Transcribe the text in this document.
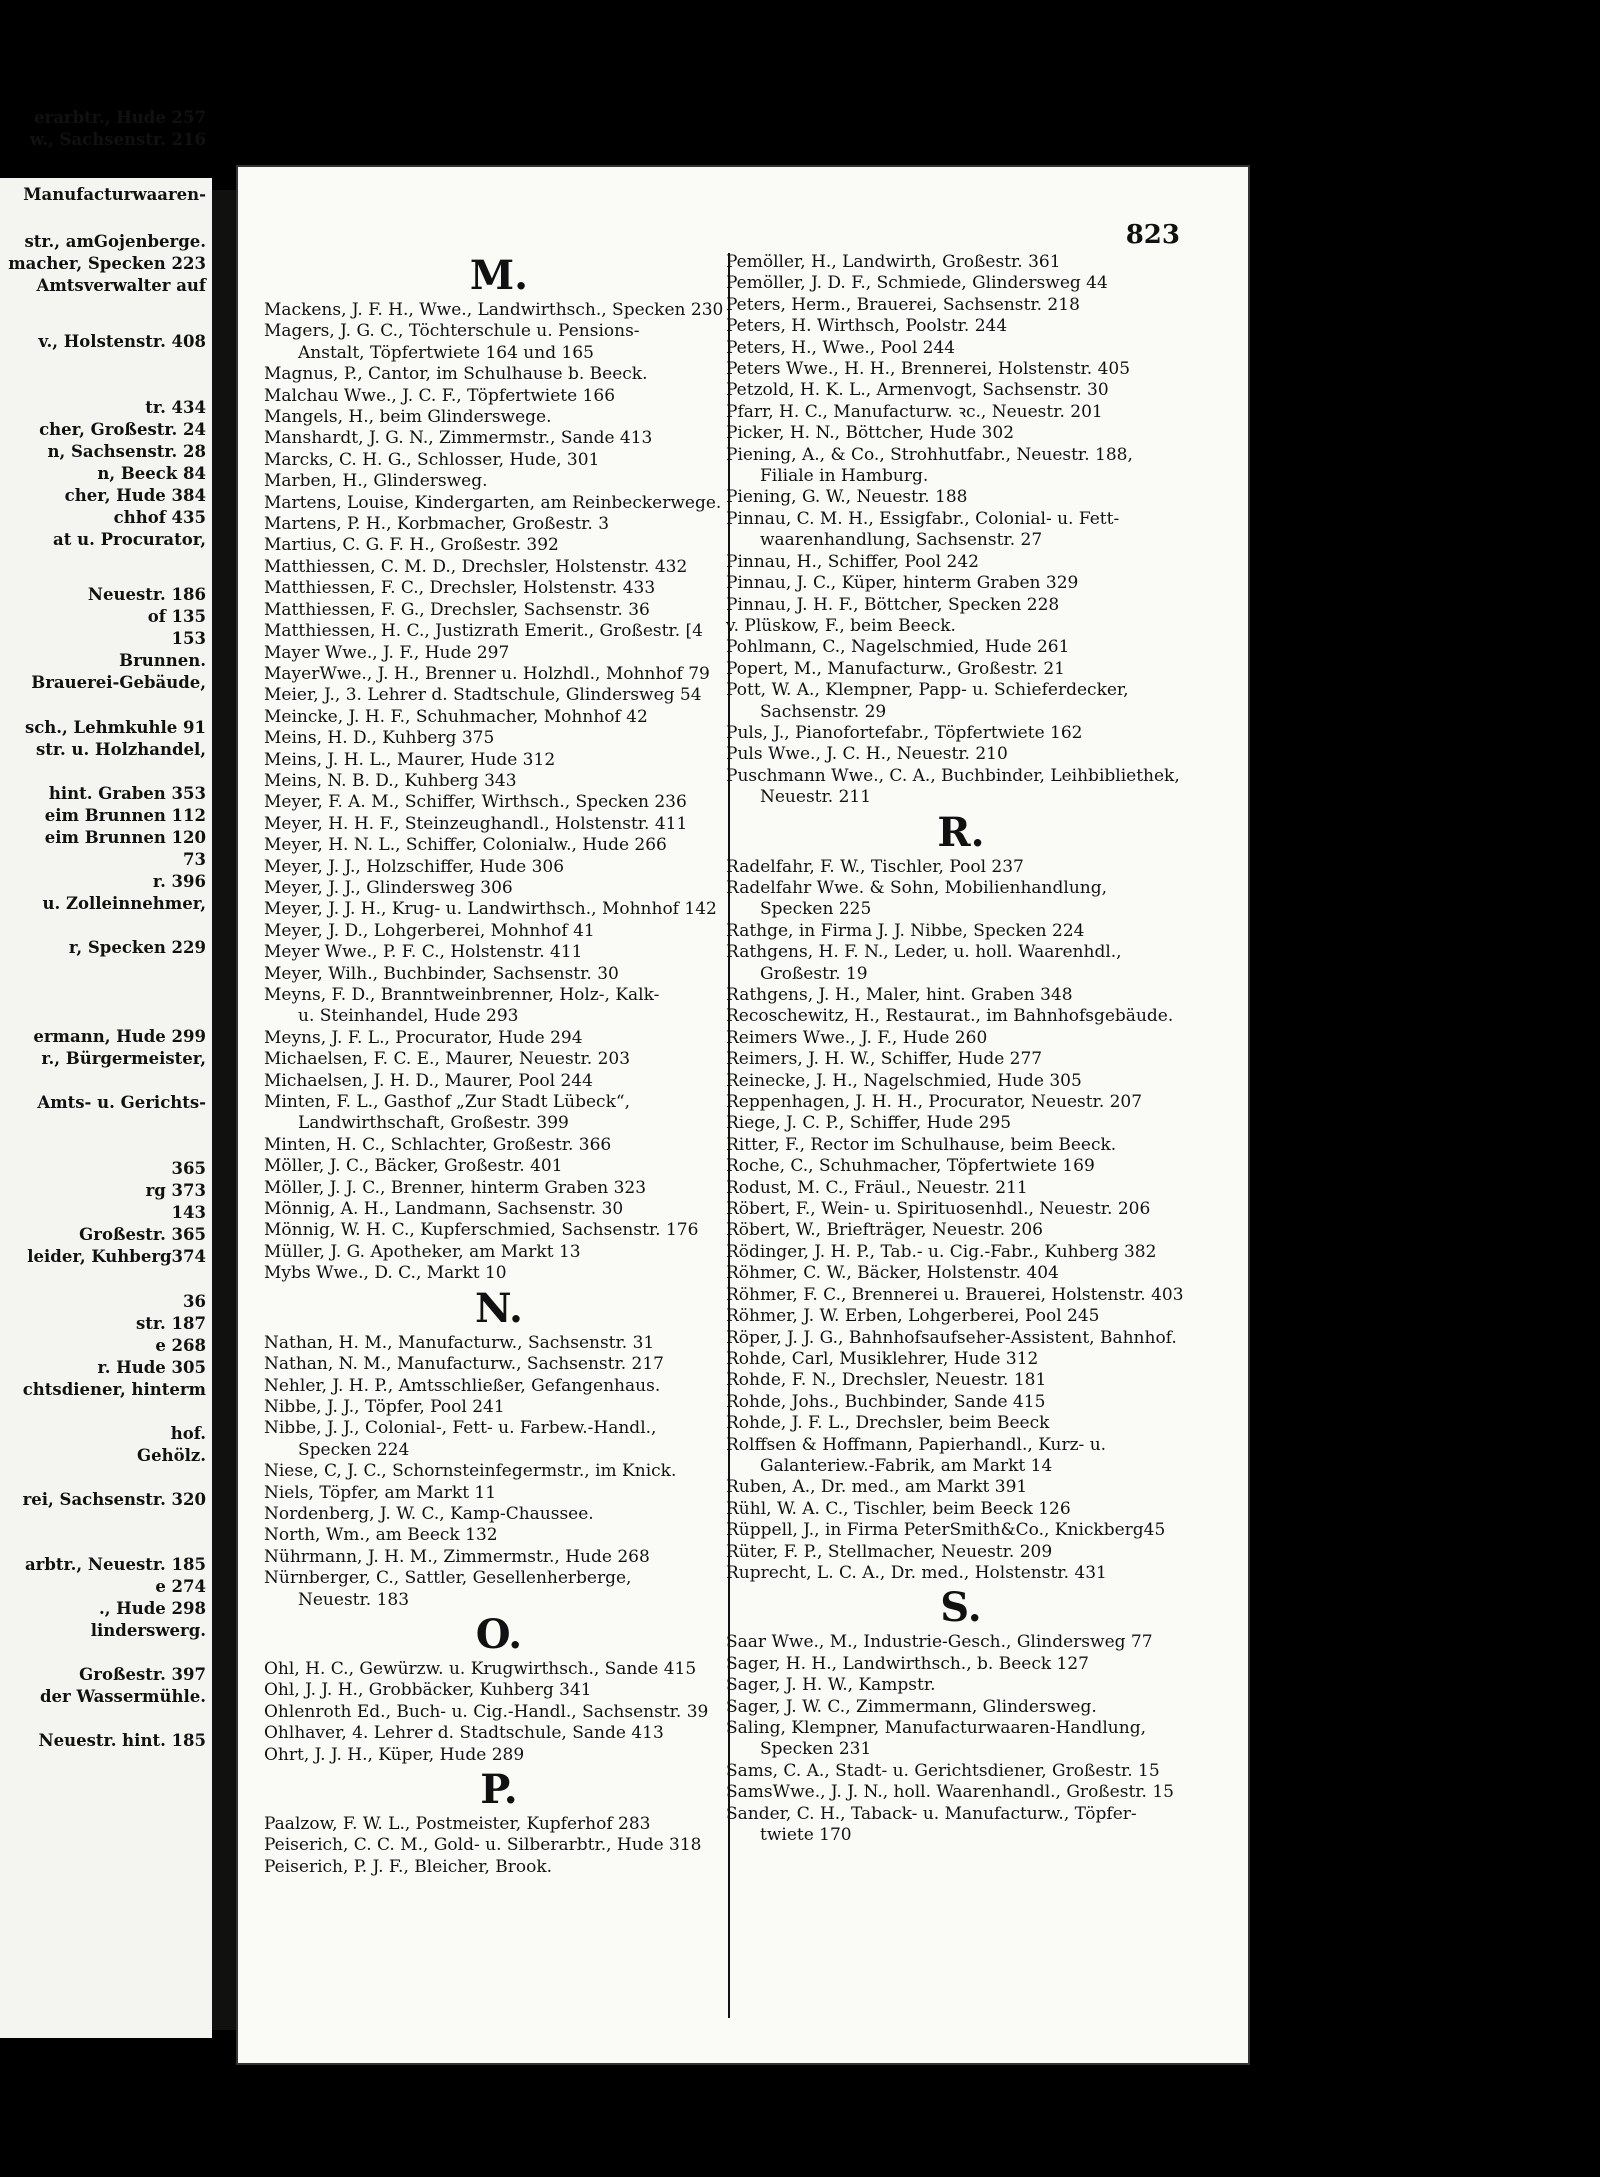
erarbtr., Hude 257
w., Sachsenstr. 216
Manufacturwaaren-
str., amGojenberge.
macher, Specken 223
Amtsverwalter auf
v., Holstenstr. 408
tr. 434
cher, Großestr. 24
n, Sachsenstr. 28
n, Beeck 84
cher, Hude 384
chhof 435
at u. Procurator,
Neuestr. 186
of 135
153
Brunnen.
Brauerei-Gebäude,
sch., Lehmkuhle 91
str. u. Holzhandel,
hint. Graben 353
eim Brunnen 112
eim Brunnen 120
73
r. 396
u. Zolleinnehmer,
r, Specken 229
ermann, Hude 299
r., Bürgermeister,
Amts- u. Gerichts-
365
rg 373
143
Großestr. 365
leider, Kuhberg374
36
str. 187
e 268
r. Hude 305
chtsdiener, hinterm
hof.
Gehölz.
rei, Sachsenstr. 320
arbtr., Neuestr. 185
e 274
., Hude 298
linderswerg.
Großestr. 397
der Wassermühle.
Neuestr. hint. 185
823
M.
Mackens, J. F. H., Wwe., Landwirthsch., Specken 230
Magers, J. G. C., Töchterschule u. Pensions-
Anstalt, Töpfertwiete 164 und 165
Magnus, P., Cantor, im Schulhause b. Beeck.
Malchau Wwe., J. C. F., Töpfertwiete 166
Mangels, H., beim Glinderswege.
Manshardt, J. G. N., Zimmermstr., Sande 413
Marcks, C. H. G., Schlosser, Hude, 301
Marben, H., Glindersweg.
Martens, Louise, Kindergarten, am Reinbeckerwege.
Martens, P. H., Korbmacher, Großestr. 3
Martius, C. G. F. H., Großestr. 392
Matthiessen, C. M. D., Drechsler, Holstenstr. 432
Matthiessen, F. C., Drechsler, Holstenstr. 433
Matthiessen, F. G., Drechsler, Sachsenstr. 36
Matthiessen, H. C., Justizrath Emerit., Großestr. [4
Mayer Wwe., J. F., Hude 297
MayerWwe., J. H., Brenner u. Holzhdl., Mohnhof 79
Meier, J., 3. Lehrer d. Stadtschule, Glindersweg 54
Meincke, J. H. F., Schuhmacher, Mohnhof 42
Meins, H. D., Kuhberg 375
Meins, J. H. L., Maurer, Hude 312
Meins, N. B. D., Kuhberg 343
Meyer, F. A. M., Schiffer, Wirthsch., Specken 236
Meyer, H. H. F., Steinzeughandl., Holstenstr. 411
Meyer, H. N. L., Schiffer, Colonialw., Hude 266
Meyer, J. J., Holzschiffer, Hude 306
Meyer, J. J., Glindersweg 306
Meyer, J. J. H., Krug- u. Landwirthsch., Mohnhof 142
Meyer, J. D., Lohgerberei, Mohnhof 41
Meyer Wwe., P. F. C., Holstenstr. 411
Meyer, Wilh., Buchbinder, Sachsenstr. 30
Meyns, F. D., Branntweinbrenner, Holz-, Kalk-
u. Steinhandel, Hude 293
Meyns, J. F. L., Procurator, Hude 294
Michaelsen, F. C. E., Maurer, Neuestr. 203
Michaelsen, J. H. D., Maurer, Pool 244
Minten, F. L., Gasthof „Zur Stadt Lübeck“,
Landwirthschaft, Großestr. 399
Minten, H. C., Schlachter, Großestr. 366
Möller, J. C., Bäcker, Großestr. 401
Möller, J. J. C., Brenner, hinterm Graben 323
Mönnig, A. H., Landmann, Sachsenstr. 30
Mönnig, W. H. C., Kupferschmied, Sachsenstr. 176
Müller, J. G. Apotheker, am Markt 13
Mybs Wwe., D. C., Markt 10
N.
Nathan, H. M., Manufacturw., Sachsenstr. 31
Nathan, N. M., Manufacturw., Sachsenstr. 217
Nehler, J. H. P., Amtsschließer, Gefangenhaus.
Nibbe, J. J., Töpfer, Pool 241
Nibbe, J. J., Colonial-, Fett- u. Farbew.-Handl.,
Specken 224
Niese, C, J. C., Schornsteinfegermstr., im Knick.
Niels, Töpfer, am Markt 11
Nordenberg, J. W. C., Kamp-Chaussee.
North, Wm., am Beeck 132
Nührmann, J. H. M., Zimmermstr., Hude 268
Nürnberger, C., Sattler, Gesellenherberge,
Neuestr. 183
O.
Ohl, H. C., Gewürzw. u. Krugwirthsch., Sande 415
Ohl, J. J. H., Grobbäcker, Kuhberg 341
Ohlenroth Ed., Buch- u. Cig.-Handl., Sachsenstr. 39
Ohlhaver, 4. Lehrer d. Stadtschule, Sande 413
Ohrt, J. J. H., Küper, Hude 289
P.
Paalzow, F. W. L., Postmeister, Kupferhof 283
Peiserich, C. C. M., Gold- u. Silberarbtr., Hude 318
Peiserich, P. J. F., Bleicher, Brook.
Pemöller, H., Landwirth, Großestr. 361
Pemöller, J. D. F., Schmiede, Glindersweg 44
Peters, Herm., Brauerei, Sachsenstr. 218
Peters, H. Wirthsch, Poolstr. 244
Peters, H., Wwe., Pool 244
Peters Wwe., H. H., Brennerei, Holstenstr. 405
Petzold, H. K. L., Armenvogt, Sachsenstr. 30
Pfarr, H. C., Manufacturw. ꝛc., Neuestr. 201
Picker, H. N., Böttcher, Hude 302
Piening, A., & Co., Strohhutfabr., Neuestr. 188,
Filiale in Hamburg.
Piening, G. W., Neuestr. 188
Pinnau, C. M. H., Essigfabr., Colonial- u. Fett-
waarenhandlung, Sachsenstr. 27
Pinnau, H., Schiffer, Pool 242
Pinnau, J. C., Küper, hinterm Graben 329
Pinnau, J. H. F., Böttcher, Specken 228
v. Plüskow, F., beim Beeck.
Pohlmann, C., Nagelschmied, Hude 261
Popert, M., Manufacturw., Großestr. 21
Pott, W. A., Klempner, Papp- u. Schieferdecker,
Sachsenstr. 29
Puls, J., Pianofortefabr., Töpfertwiete 162
Puls Wwe., J. C. H., Neuestr. 210
Puschmann Wwe., C. A., Buchbinder, Leihbibliethek,
Neuestr. 211
R.
Radelfahr, F. W., Tischler, Pool 237
Radelfahr Wwe. & Sohn, Mobilienhandlung,
Specken 225
Rathge, in Firma J. J. Nibbe, Specken 224
Rathgens, H. F. N., Leder, u. holl. Waarenhdl.,
Großestr. 19
Rathgens, J. H., Maler, hint. Graben 348
Recoschewitz, H., Restaurat., im Bahnhofsgebäude.
Reimers Wwe., J. F., Hude 260
Reimers, J. H. W., Schiffer, Hude 277
Reinecke, J. H., Nagelschmied, Hude 305
Reppenhagen, J. H. H., Procurator, Neuestr. 207
Riege, J. C. P., Schiffer, Hude 295
Ritter, F., Rector im Schulhause, beim Beeck.
Roche, C., Schuhmacher, Töpfertwiete 169
Rodust, M. C., Fräul., Neuestr. 211
Röbert, F., Wein- u. Spirituosenhdl., Neuestr. 206
Röbert, W., Briefträger, Neuestr. 206
Rödinger, J. H. P., Tab.- u. Cig.-Fabr., Kuhberg 382
Röhmer, C. W., Bäcker, Holstenstr. 404
Röhmer, F. C., Brennerei u. Brauerei, Holstenstr. 403
Röhmer, J. W. Erben, Lohgerberei, Pool 245
Röper, J. J. G., Bahnhofsaufseher-Assistent, Bahnhof.
Rohde, Carl, Musiklehrer, Hude 312
Rohde, F. N., Drechsler, Neuestr. 181
Rohde, Johs., Buchbinder, Sande 415
Rohde, J. F. L., Drechsler, beim Beeck
Rolffsen & Hoffmann, Papierhandl., Kurz- u.
Galanteriew.-Fabrik, am Markt 14
Ruben, A., Dr. med., am Markt 391
Rühl, W. A. C., Tischler, beim Beeck 126
Rüppell, J., in Firma PeterSmith&Co., Knickberg45
Rüter, F. P., Stellmacher, Neuestr. 209
Ruprecht, L. C. A., Dr. med., Holstenstr. 431
S.
Saar Wwe., M., Industrie-Gesch., Glindersweg 77
Sager, H. H., Landwirthsch., b. Beeck 127
Sager, J. H. W., Kampstr.
Sager, J. W. C., Zimmermann, Glindersweg.
Saling, Klempner, Manufacturwaaren-Handlung,
Specken 231
Sams, C. A., Stadt- u. Gerichtsdiener, Großestr. 15
SamsWwe., J. J. N., holl. Waarenhandl., Großestr. 15
Sander, C. H., Taback- u. Manufacturw., Töpfer-
twiete 170
